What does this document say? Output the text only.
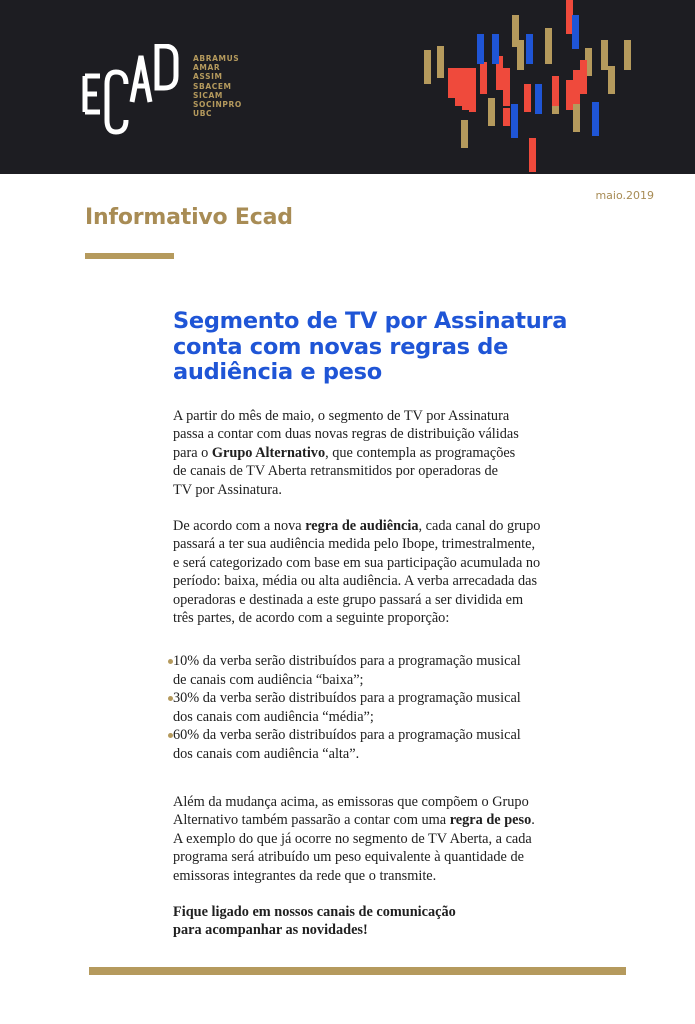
ABRAMUS
AMAR
ASSIM
SBACEM
SICAM
SOCINPRO
UBC
maio.2019
Informativo Ecad
Segmento de TV por Assinatura
conta com novas regras de
audiência e peso

A partir do mês de maio, o segmento de TV por Assinatura
passa a contar com duas novas regras de distribuição válidas
para o Grupo Alternativo, que contempla as programações
de canais de TV Aberta retransmitidos por operadoras de
TV por Assinatura.

De acordo com a nova regra de audiência, cada canal do grupo
passará a ter sua audiência medida pelo Ibope, trimestralmente,
e será categorizado com base em sua participação acumulada no
período: baixa, média ou alta audiência. A verba arrecadada das
operadoras e destinada a este grupo passará a ser dividida em
três partes, de acordo com a seguinte proporção:

10% da verba serão distribuídos para a programação musical
de canais com audiência “baixa”;
30% da verba serão distribuídos para a programação musical
dos canais com audiência “média”;
60% da verba serão distribuídos para a programação musical
dos canais com audiência “alta”.

Além da mudança acima, as emissoras que compõem o Grupo
Alternativo também passarão a contar com uma regra de peso.
A exemplo do que já ocorre no segmento de TV Aberta, a cada
programa será atribuído um peso equivalente à quantidade de
emissoras integrantes da rede que o transmite.

Fique ligado em nossos canais de comunicação
para acompanhar as novidades!
